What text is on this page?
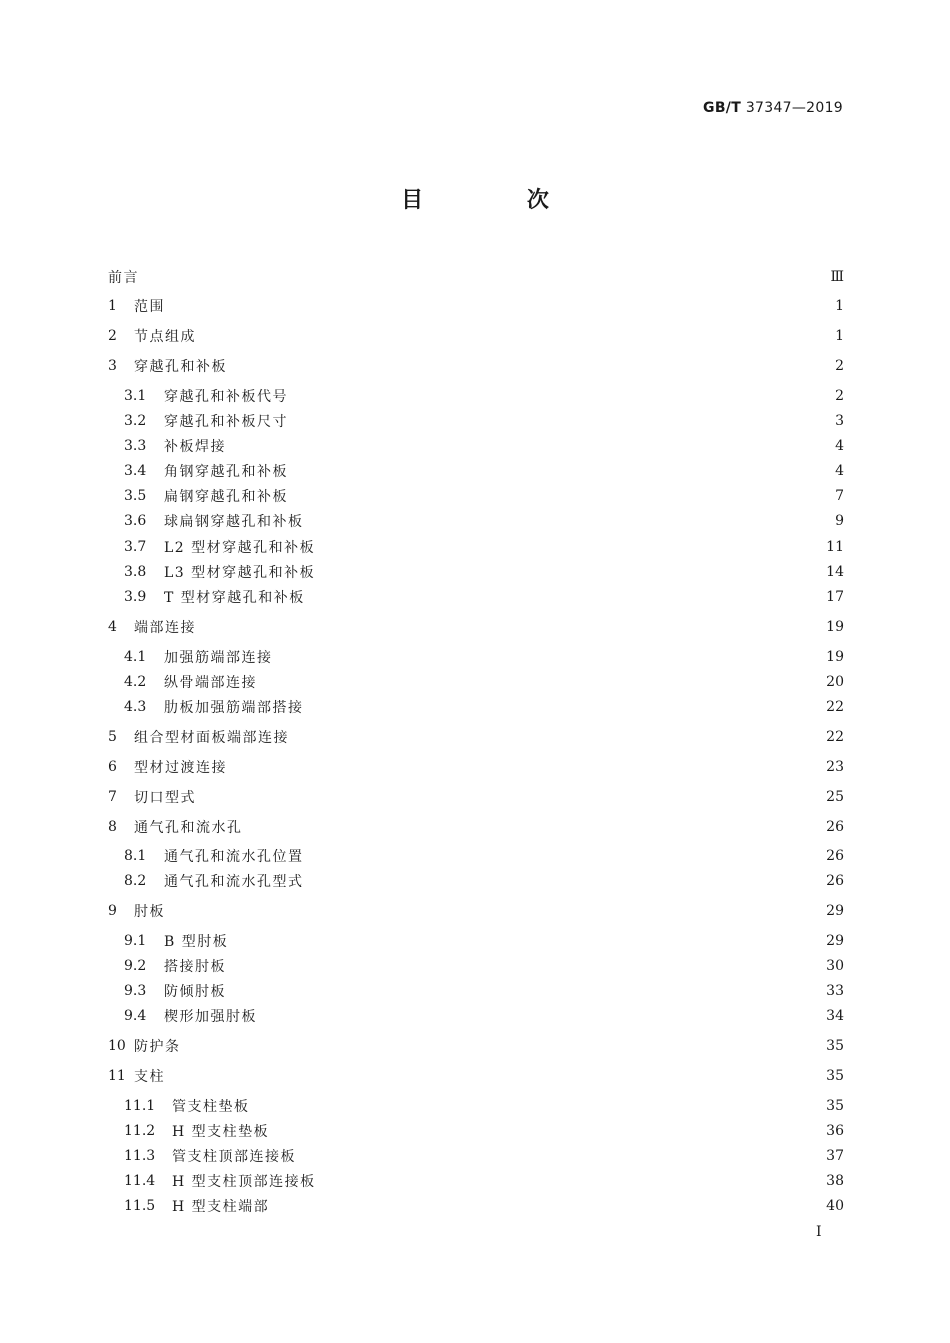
GB/T 37347—2019
目 次
前言	Ⅲ
1	范围	1
2	节点组成	1
3	穿越孔和补板	2
3.1	穿越孔和补板代号	2
3.2	穿越孔和补板尺寸	3
3.3	补板焊接	4
3.4	角钢穿越孔和补板	4
3.5	扁钢穿越孔和补板	7
3.6	球扁钢穿越孔和补板	9
3.7	L2 型材穿越孔和补板	11
3.8	L3 型材穿越孔和补板	14
3.9	T 型材穿越孔和补板	17
4	端部连接	19
4.1	加强筋端部连接	19
4.2	纵骨端部连接	20
4.3	肋板加强筋端部搭接	22
5	组合型材面板端部连接	22
6	型材过渡连接	23
7	切口型式	25
8	通气孔和流水孔	26
8.1	通气孔和流水孔位置	26
8.2	通气孔和流水孔型式	26
9	肘板	29
9.1	B 型肘板	29
9.2	搭接肘板	30
9.3	防倾肘板	33
9.4	楔形加强肘板	34
10 防护条	35
11 支柱	35
11.1	管支柱垫板	35
11.2	H 型支柱垫板	36
11.3	管支柱顶部连接板	37
11.4	H 型支柱顶部连接板	38
11.5	H 型支柱端部	40
I
